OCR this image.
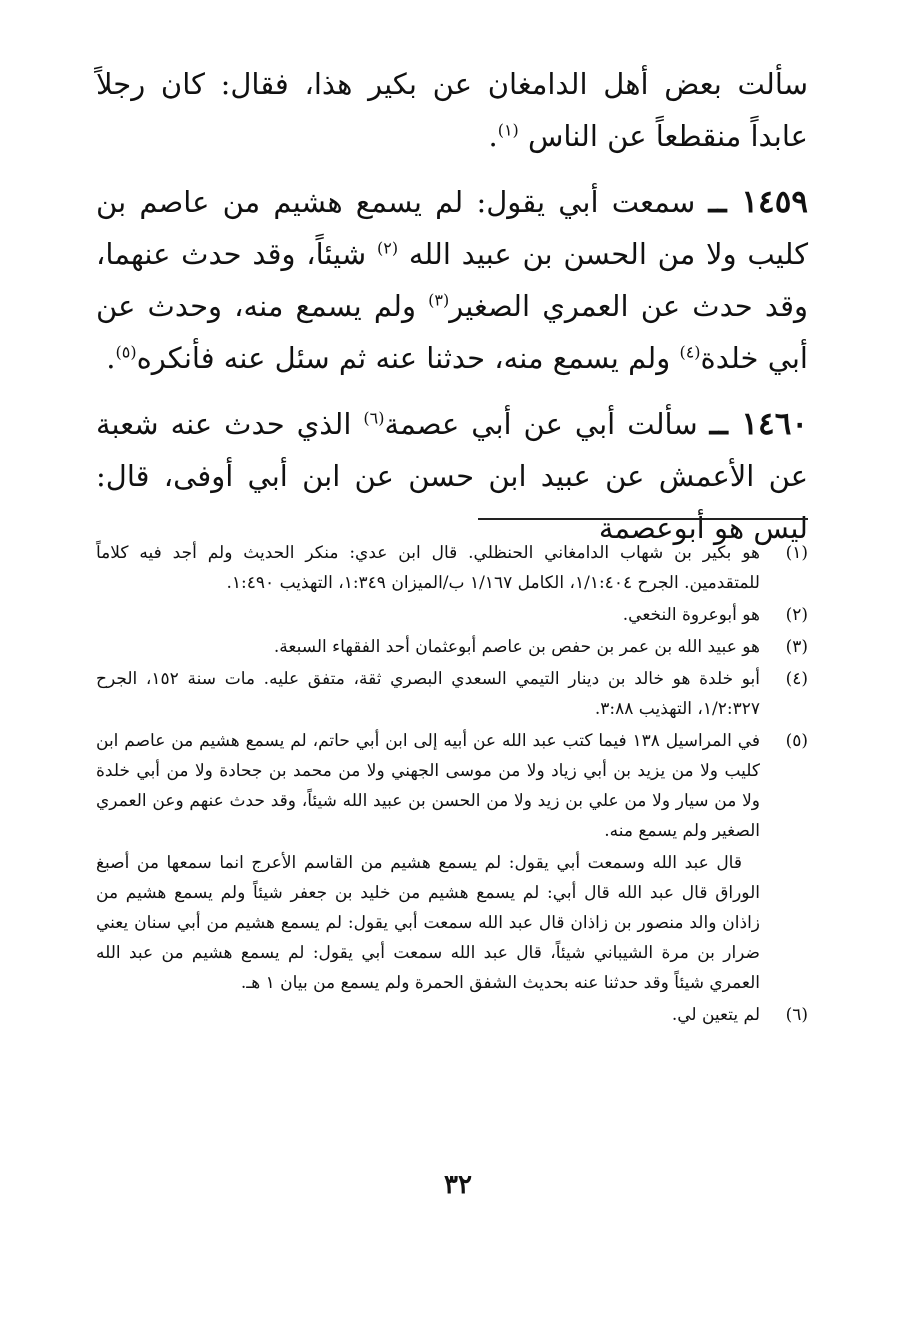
سألت بعض أهل الدامغان عن بكير هذا، فقال: كان رجلاً عابداً منقطعاً عن الناس $^{(١)}$.

١٤٥٩ ــ سمعت أبي يقول: لم يسمع هشيم من عاصم بن كليب ولا من الحسن بن عبيد الله $^{(٢)}$ شيئاً، وقد حدث عنهما، وقد حدث عن العمري الصغير$^{(٣)}$ ولم يسمع منه، وحدث عن أبي خلدة$^{(٤)}$ ولم يسمع منه، حدثنا عنه ثم سئل عنه فأنكره$^{(٥)}$.

١٤٦٠ ــ سألت أبي عن أبي عصمة$^{(٦)}$ الذي حدث عنه شعبة عن الأعمش عن عبيد ابن حسن عن ابن أبي أوفى، قال: ليس هو أبوعصمة

(١)
هو بكير بن شهاب الدامغاني الحنظلي. قال ابن عدي: منكر الحديث ولم أجد فيه كلاماً للمتقدمين. الجرح ١/١:٤٠٤، الكامل ١/١٦٧ ب/الميزان ١:٣٤٩، التهذيب ١:٤٩٠.
(٢)
هو أبوعروة النخعي.
(٣)
هو عبيد الله بن عمر بن حفص بن عاصم أبوعثمان أحد الفقهاء السبعة.
(٤)
أبو خلدة هو خالد بن دينار التيمي السعدي البصري ثقة، متفق عليه. مات سنة ١٥٢، الجرح ١/٢:٣٢٧، التهذيب ٣:٨٨.
(٥)
في المراسيل ١٣٨ فيما كتب عبد الله عن أبيه إلى ابن أبي حاتم، لم يسمع هشيم من عاصم ابن كليب ولا من يزيد بن أبي زياد ولا من موسى الجهني ولا من محمد بن جحادة ولا من أبي خلدة ولا من سيار ولا من علي بن زيد ولا من الحسن بن عبيد الله شيئاً، وقد حدث عنهم وعن العمري الصغير ولم يسمع منه.
قال عبد الله وسمعت أبي يقول: لم يسمع هشيم من القاسم الأعرج انما سمعها من أصبغ الوراق قال عبد الله قال أبي: لم يسمع هشيم من خليد بن جعفر شيئاً ولم يسمع هشيم من زاذان والد منصور بن زاذان قال عبد الله سمعت أبي يقول: لم يسمع هشيم من أبي سنان يعني ضرار بن مرة الشيباني شيئاً، قال عبد الله سمعت أبي يقول: لم يسمع هشيم من عبد الله العمري شيئاً وقد حدثنا عنه بحديث الشفق الحمرة ولم يسمع من بيان ١ هـ.
(٦)
لم يتعين لي.
٣٢
